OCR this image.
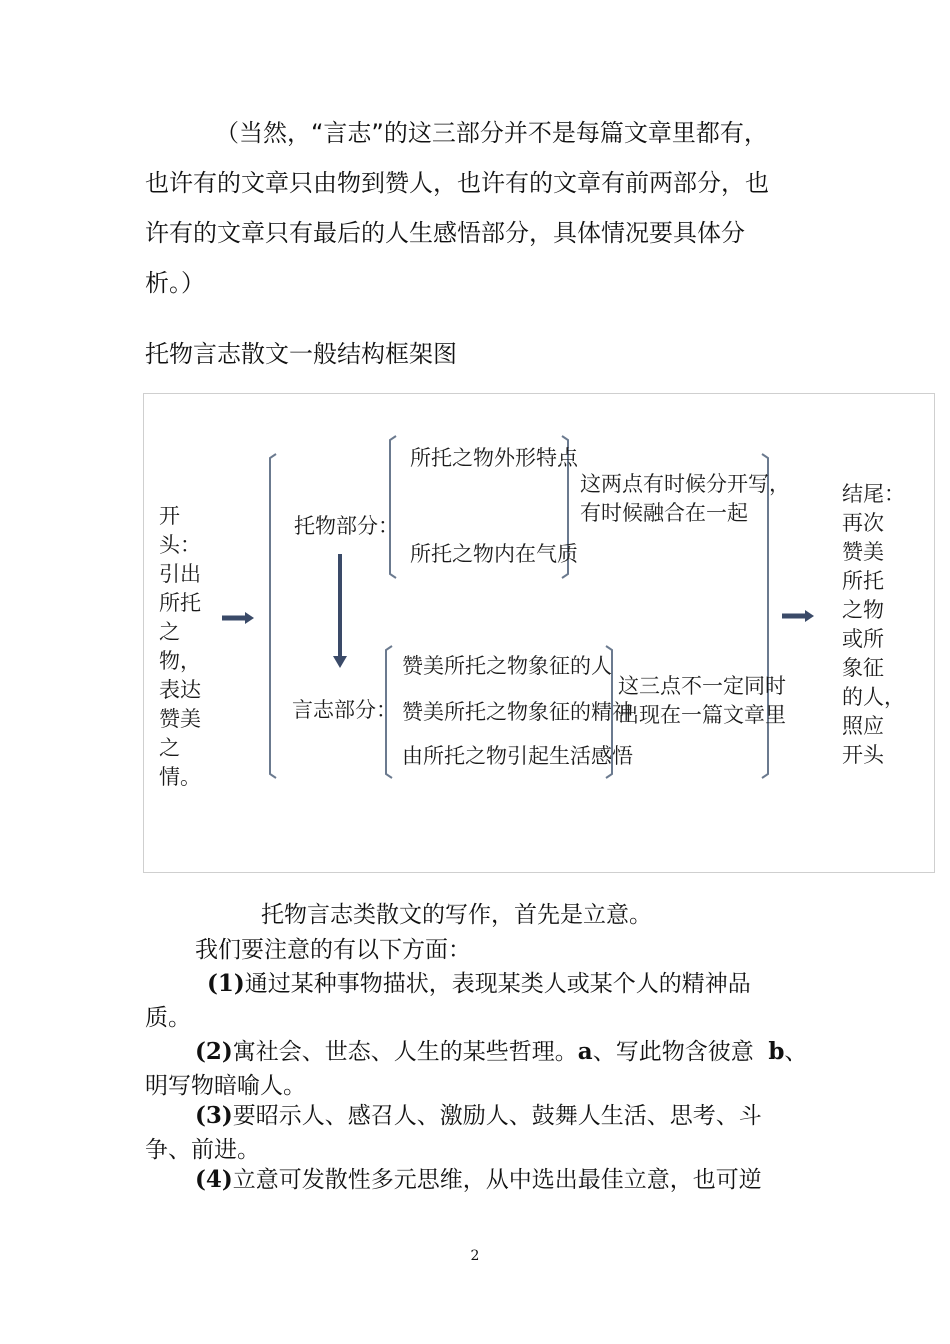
（当然，“言志”的这三部分并不是每篇文章里都有，

也许有的文章只由物到赞人，也许有的文章有前两部分，也

许有的文章只有最后的人生感悟部分，具体情况要具体分

析。）

托物言志散文一般结构框架图

开头：
引出
所托
之物，
表达
赞美
之情。
托物部分：
言志部分：
所托之物外形特点
所托之物内在气质
这两点有时候分开写，
有时候融合在一起
赞美所托之物象征的人
赞美所托之物象征的精神
由所托之物引起生活感悟
这三点不一定同时
出现在一篇文章里
结尾：
再次
赞美
所托
之物
或所
象征
的人，
照应
开头

托物言志类散文的写作，首先是立意。

我们要注意的有以下方面：

(1)通过某种事物描状，表现某类人或某个人的精神品
质。

(2)寓社会、世态、人生的某些哲理。a、写此物含彼意  b、
明写物暗喻人。

(3)要昭示人、感召人、激励人、鼓舞人生活、思考、斗
争、前进。

(4)立意可发散性多元思维，从中选出最佳立意，也可逆

2
